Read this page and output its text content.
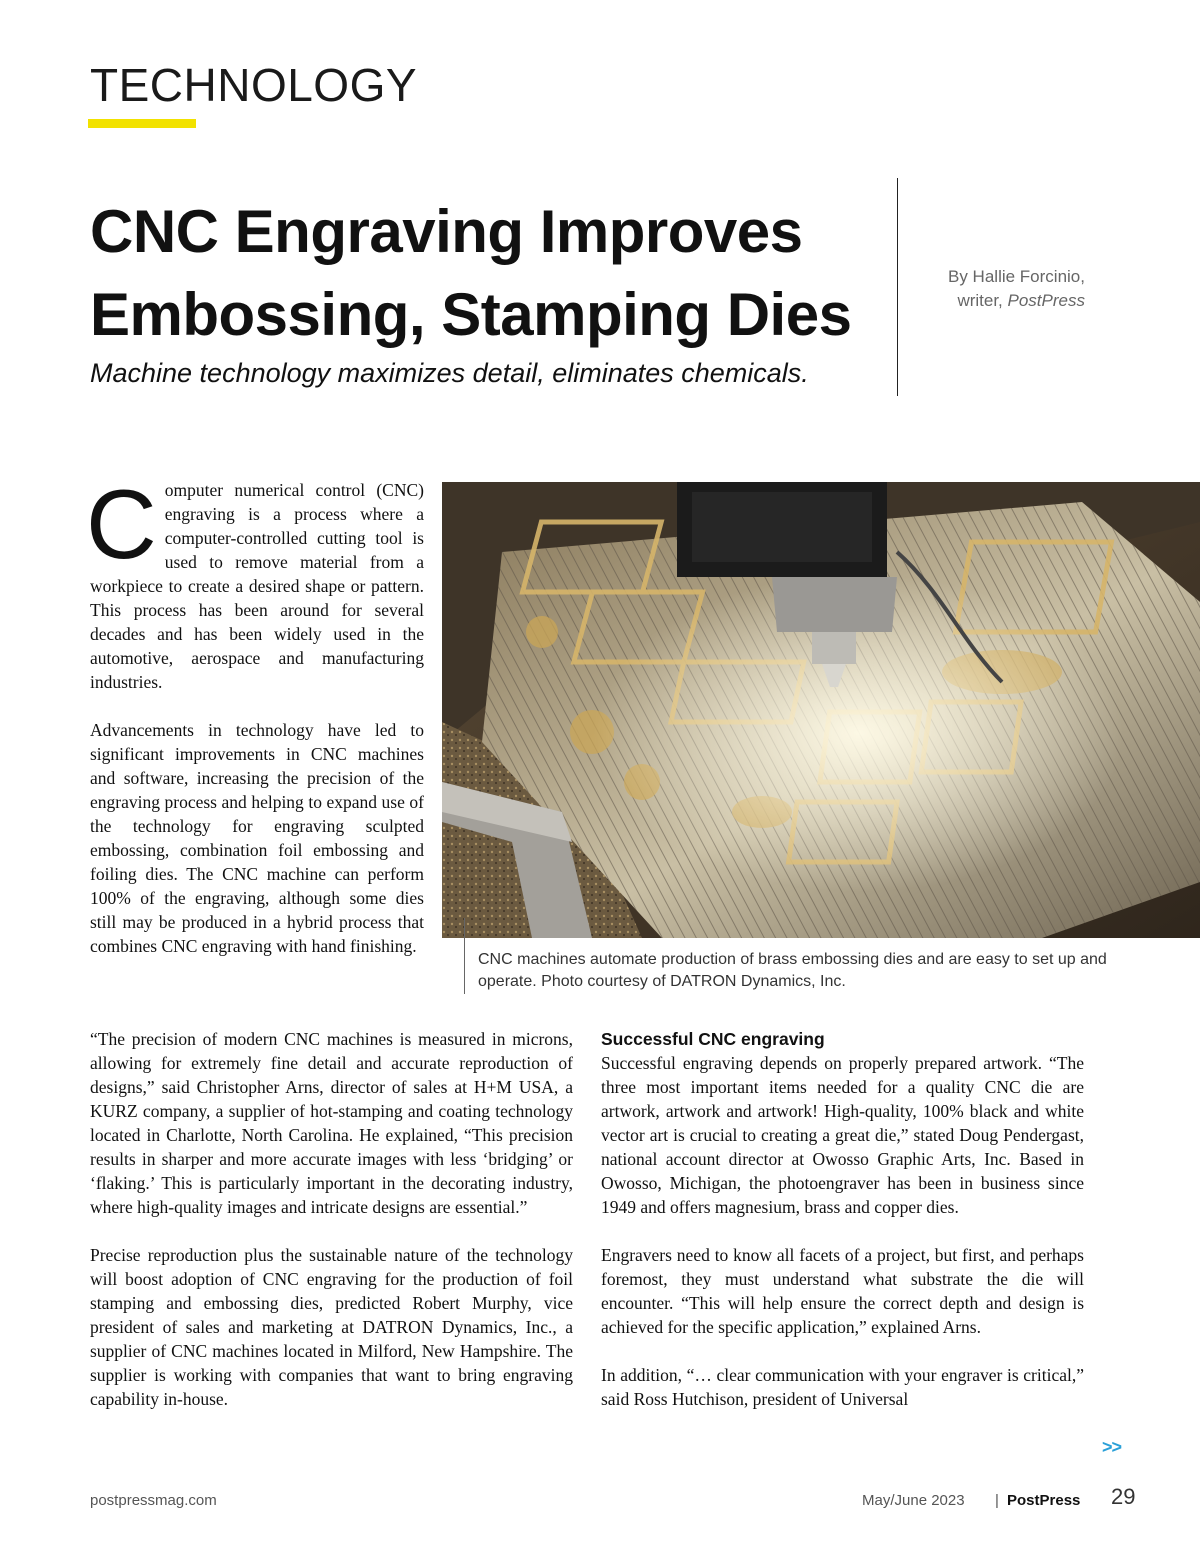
TECHNOLOGY
CNC Engraving Improves
Embossing, Stamping Dies

Machine technology maximizes detail, eliminates chemicals.

By Hallie Forcinio,
writer, PostPress

Computer numerical control (CNC) engraving is a process where a computer-controlled cutting tool is used to remove material from a workpiece to create a desired shape or pattern. This process has been around for several decades and has been widely used in the automotive, aerospace and manufacturing industries.

Advancements in technology have led to significant improvements in CNC machines and software, increasing the precision of the engraving process and helping to expand use of the technology for engraving sculpted embossing, combination foil embossing and foiling dies. The CNC machine can perform 100% of the engraving, although some dies still may be produced in a hybrid process that combines CNC engraving with hand finishing.

CNC machines automate production of brass embossing dies and are easy to set up and operate. Photo courtesy of DATRON Dynamics, Inc.

“The precision of modern CNC machines is measured in microns, allowing for extremely fine detail and accurate reproduction of designs,” said Christopher Arns, director of sales at H+M USA, a KURZ company, a supplier of hot-stamping and coating technology located in Charlotte, North Carolina. He explained, “This precision results in sharper and more accurate images with less ‘bridging’ or ‘flaking.’ This is particularly important in the decorating industry, where high-quality images and intricate designs are essential.”

Precise reproduction plus the sustainable nature of the technology will boost adoption of CNC engraving for the production of foil stamping and embossing dies, predicted Robert Murphy, vice president of sales and marketing at DATRON Dynamics, Inc., a supplier of CNC machines located in Milford, New Hampshire. The supplier is working with companies that want to bring engraving capability in-house.

Successful CNC engraving

Successful engraving depends on properly prepared artwork. “The three most important items needed for a quality CNC die are artwork, artwork and artwork! High-quality, 100% black and white vector art is crucial to creating a great die,” stated Doug Pendergast, national account director at Owosso Graphic Arts, Inc. Based in Owosso, Michigan, the photoengraver has been in business since 1949 and offers magnesium, brass and copper dies.

Engravers need to know all facets of a project, but first, and perhaps foremost, they must understand what substrate the die will encounter. “This will help ensure the correct depth and design is achieved for the specific application,” explained Arns.

In addition, “… clear communication with your engraver is critical,” said Ross Hutchison, president of Universal

>>
postpressmag.com	May/June 2023 | PostPress 29
